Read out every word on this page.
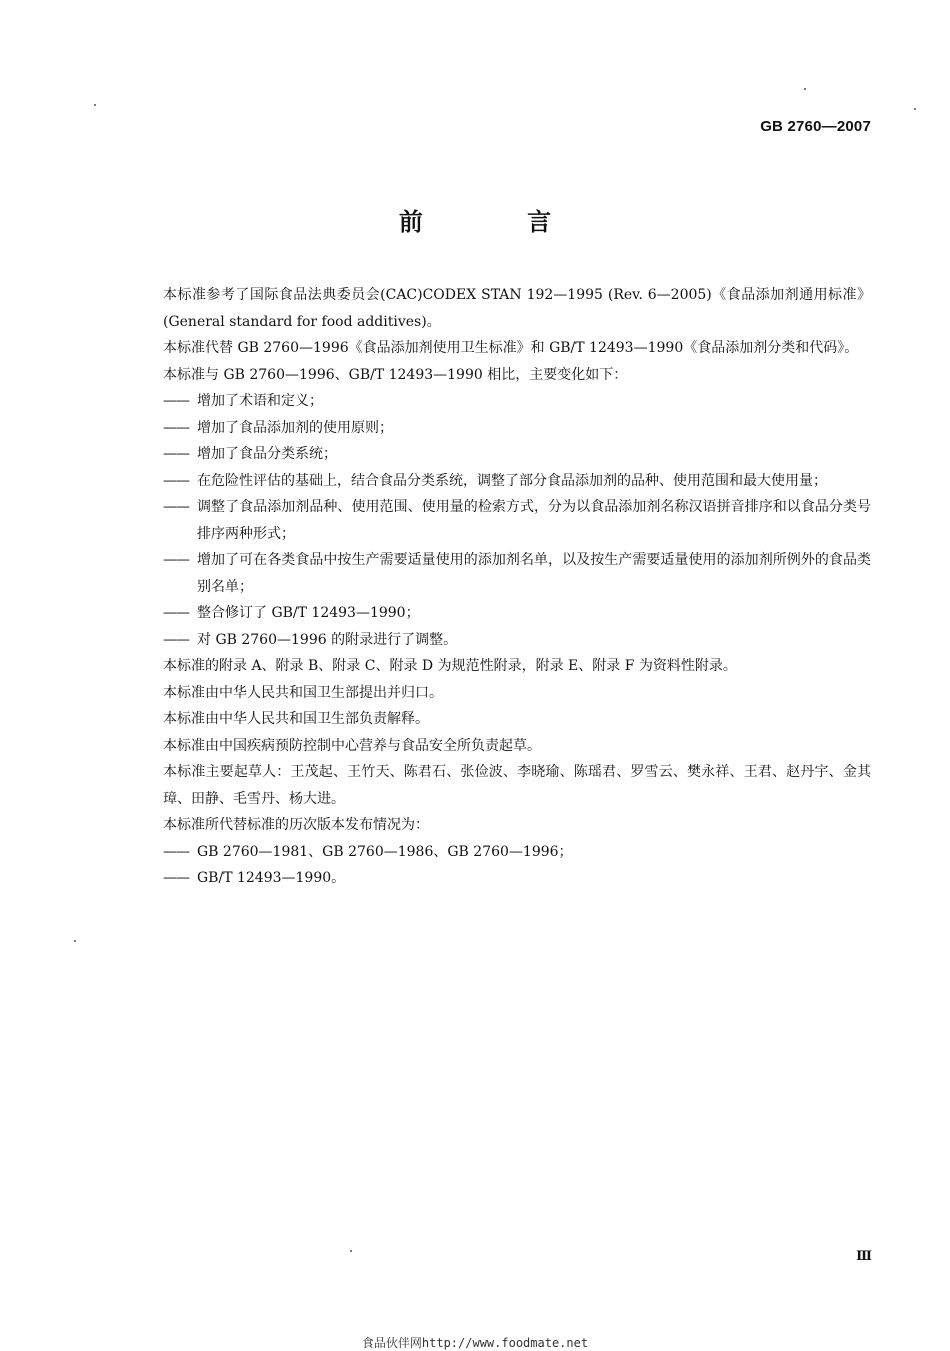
GB 2760—2007
前 言

本标准参考了国际食品法典委员会(CAC)CODEX STAN 192—1995 (Rev. 6—2005)《食品添加剂通用标准》(General standard for food additives)。

本标准代替 GB 2760—1996《食品添加剂使用卫生标准》和 GB/T 12493—1990《食品添加剂分类和代码》。

本标准与 GB 2760—1996、GB/T 12493—1990 相比，主要变化如下：

—— 增加了术语和定义；
—— 增加了食品添加剂的使用原则；
—— 增加了食品分类系统；
—— 在危险性评估的基础上，结合食品分类系统，调整了部分食品添加剂的品种、使用范围和最大使用量；
—— 调整了食品添加剂品种、使用范围、使用量的检索方式，分为以食品添加剂名称汉语拼音排序和以食品分类号排序两种形式；
—— 增加了可在各类食品中按生产需要适量使用的添加剂名单，以及按生产需要适量使用的添加剂所例外的食品类别名单；
—— 整合修订了 GB/T 12493—1990；
—— 对 GB 2760—1996 的附录进行了调整。

本标准的附录 A、附录 B、附录 C、附录 D 为规范性附录，附录 E、附录 F 为资料性附录。

本标准由中华人民共和国卫生部提出并归口。

本标准由中华人民共和国卫生部负责解释。

本标准由中国疾病预防控制中心营养与食品安全所负责起草。

本标准主要起草人：王茂起、王竹天、陈君石、张俭波、李晓瑜、陈瑶君、罗雪云、樊永祥、王君、赵丹宇、金其璋、田静、毛雪丹、杨大进。

本标准所代替标准的历次版本发布情况为：

—— GB 2760—1981、GB 2760—1986、GB 2760—1996；
—— GB/T 12493—1990。
Ⅲ
食品伙伴网http://www.foodmate.net
